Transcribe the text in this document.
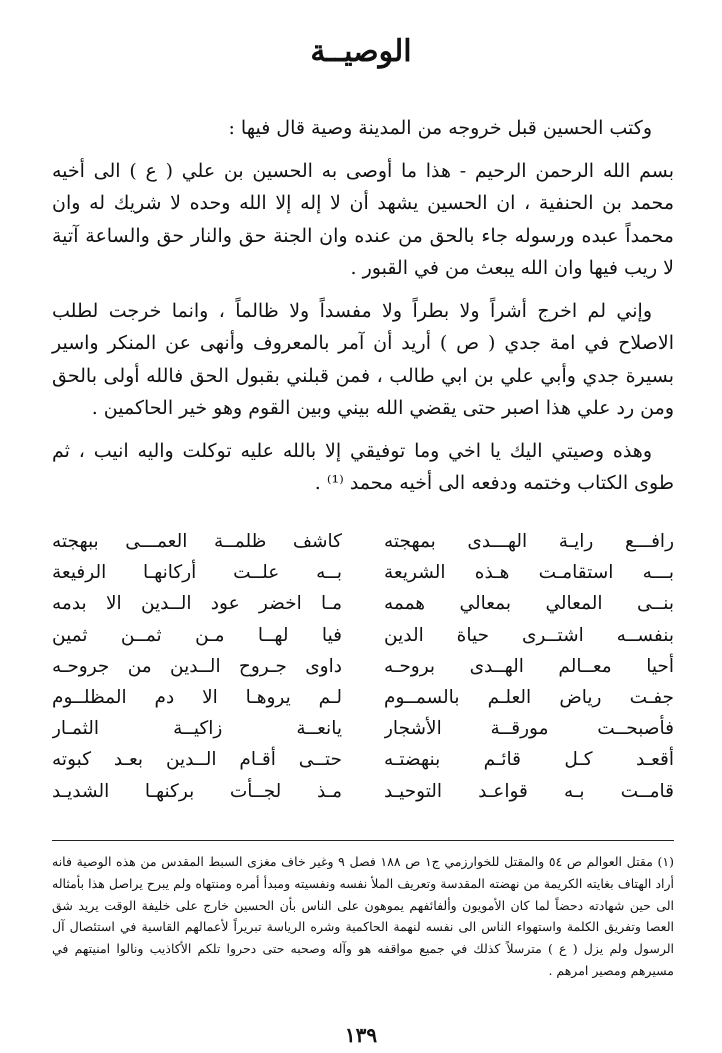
الوصيــة

وكتب الحسين قبل خروجه من المدينة وصية قال فيها :

بسم الله الرحمن الرحيم - هذا ما أوصى به الحسين بن علي ( ع ) الى أخيه محمد بن الحنفية ، ان الحسين يشهد أن لا إله إلا الله وحده لا شريك له وان محمداً عبده ورسوله جاء بالحق من عنده وان الجنة حق والنار حق والساعة آتية لا ريب فيها وان الله يبعث من في القبور .

وإني لم اخرج أشراً ولا بطراً ولا مفسداً ولا ظالماً ، وانما خرجت لطلب الاصلاح في امة جدي ( ص ) أريد أن آمر بالمعروف وأنهى عن المنكر واسير بسيرة جدي وأبي علي بن ابي طالب ، فمن قبلني بقبول الحق فالله أولى بالحق ومن رد علي هذا اصبر حتى يقضي الله بيني وبين القوم وهو خير الحاكمين .

وهذه وصيتي اليك يا اخي وما توفيقي إلا بالله عليه توكلت واليه انيب ، ثم طوى الكتاب وختمه ودفعه الى أخيه محمد ⁽¹⁾ .

رافـــع رايـة الهـــدى بمهجته
كاشف ظلمــة العمـــى ببهجته
بـــه استقامـت هـذه الشريعة
بــه علــت أركانهـا الرفيعة
بنــى المعالي بمعالي هممه
مـا اخضر عود الــدين الا بدمه
بنفســه اشتــرى حياة الدين
فيا لهــا مـن ثمــن ثمين
أحيا معــالم الهــدى بروحـه
داوى جـروح الــدين من جروحـه
جفـت رياض العلـم بالسمــوم
لـم يروهـا الا دم المظلــوم
فأصبحــت مورقــة الأشجار
يانعــة زاكيــة الثمـار
أقعـد كـل قائـم بنهضتـه
حتــى أقـام الــدين بعـد كبوته
قامــت بـه قواعـد التوحيـد
مـذ لجــأت بركنهـا الشديـد

(١) مقتل العوالم ص ٥٤ والمقتل للخوارزمي ج١ ص ١٨٨ فصل ٩ وغير خاف مغزى السبط المقدس من هذه الوصية فانه أراد الهتاف بغايته الكريمة من نهضته المقدسة وتعريف الملأ نفسه ونفسيته ومبدأ أمره ومنتهاه ولم يبرح يراصل هذا بأمثاله الى حين شهادته دحضاً لما كان الأمويون وألفائفهم يموهون على الناس بأن الحسين خارج على خليفة الوقت يريد شق العصا وتفريق الكلمة واستهواء الناس الى نفسه لنهمة الحاكمية وشره الرياسة تبريراً لأعمالهم القاسية في استئصال آل الرسول ولم يزل ( ع ) مترسلاً كذلك في جميع مواقفه هو وآله وصحبه حتى دحروا تلكم الأكاذيب ونالوا امنيتهم في مسيرهم ومصير امرهم .

١٣٩
